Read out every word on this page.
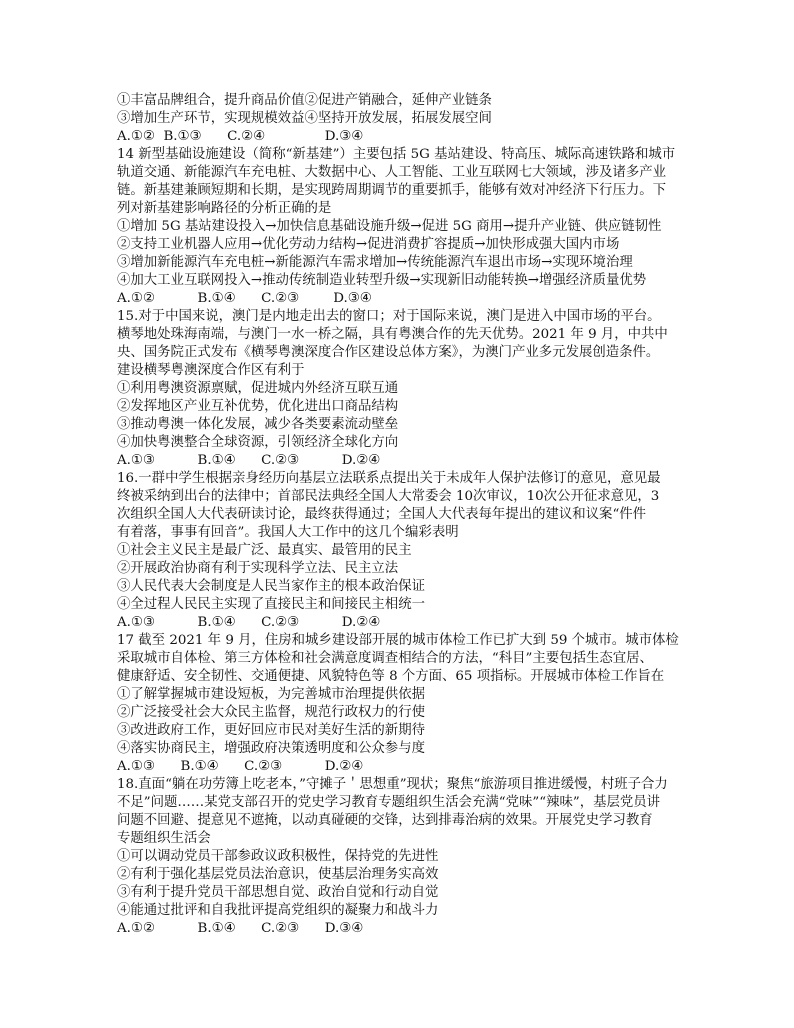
①丰富品牌组合，提升商品价值②促进产销融合，延伸产业链条
③增加生产环节，实现规模效益④坚持开放发展，拓展发展空间
A.①②  B.①③      C.②④              D.③④
14 新型基础设施建设（简称“新基建”）主要包括 5G 基站建设、特高压、城际高速铁路和城市
轨道交通、新能源汽车充电桩、大数据中心、人工智能、工业互联网七大领域，涉及诸多产业
链。新基建兼顾短期和长期，是实现跨周期调节的重要抓手，能够有效对冲经济下行压力。下
列对新基建影响路径的分析正确的是
①增加 5G 基站建设投入→加快信息基础设施升级→促进 5G 商用→提升产业链、供应链韧性
②支持工业机器人应用→优化劳动力结构→促进消费扩容提质→加快形成强大国内市场
③增加新能源汽车充电桩→新能源汽车需求增加→传统能源汽车退出市场→实现环境治理
④加大工业互联网投入→推动传统制造业转型升级→实现新旧动能转换→增强经济质量优势
A.①②          B.①④      C.②③        D.③④
15.对于中国来说，澳门是内地走出去的窗口；对于国际来说，澳门是进入中国市场的平台。
横琴地处珠海南端，与澳门一水一桥之隔，具有粤澳合作的先天优势。2021 年 9 月，中共中
央、国务院正式发布《横琴粤澳深度合作区建设总体方案》，为澳门产业多元发展创造条件。
建设横琴粤澳深度合作区有利于
①利用粤澳资源禀赋，促进城内外经济互联互通
②发挥地区产业互补优势，优化进出口商品结构
③推动粤澳一体化发展，减少各类要素流动壁垒
④加快粤澳整合全球资源，引领经济全球化方向
A.①③          B.①④      C.②③          D.②④
16.一群中学生根据亲身经历向基层立法联系点提出关于未成年人保护法修订的意见，意见最
终被采纳到出台的法律中；首部民法典经全国人大常委会 10次审议，10次公开征求意见，3
次组织全国人大代表研读讨论，最终获得通过；全国人大代表每年提出的建议和议案“件件
有着落，事事有回音”。我国人大工作中的这几个编彩表明
①社会主义民主是最广泛、最真实、最管用的民主
②开展政治协商有利于实现科学立法、民主立法
③人民代表大会制度是人民当家作主的根本政治保证
④全过程人民民主实现了直接民主和间接民主相统一
A.①③          B.①④      C.②③          D.②④
17 截至 2021 年 9 月，住房和城乡建设部开展的城市体检工作已扩大到 59 个城市。城市体检
采取城市自体检、第三方体检和社会满意度调查相结合的方法，“科目”主要包括生态宜居、
健康舒适、安全韧性、交通便捷、风貌特色等 8 个方面、65 项指标。开展城市体检工作旨在
①了解掌握城市建设短板，为完善城市治理提供依据
②广泛接受社会大众民主监督，规范行政权力的行使
③改进政府工作，更好回应市民对美好生活的新期待
④落实协商民主，增强政府决策透明度和公众参与度
A.①③      B.①④      C.②③          D.②④
18.直面“躺在功劳簿上吃老本，”守摊子＇思想重”现状；聚焦“旅游项目推进缓慢，村班子合力
不足”问题……某党支部召开的党史学习教育专题组织生活会充满“党味”“辣味”，基层党员讲
问题不回避、提意见不遮掩，以动真碰硬的交锋，达到排毒治病的效果。开展党史学习教育
专题组织生活会
①可以调动党员干部参政议政积极性，保持党的先进性
②有利于强化基层党员法治意识，使基层治理务实高效
③有利于提升党员干部思想自觉、政治自觉和行动自觉
④能通过批评和自我批评提高党组织的凝聚力和战斗力
A.①②          B.①④      C.②③      D.③④
